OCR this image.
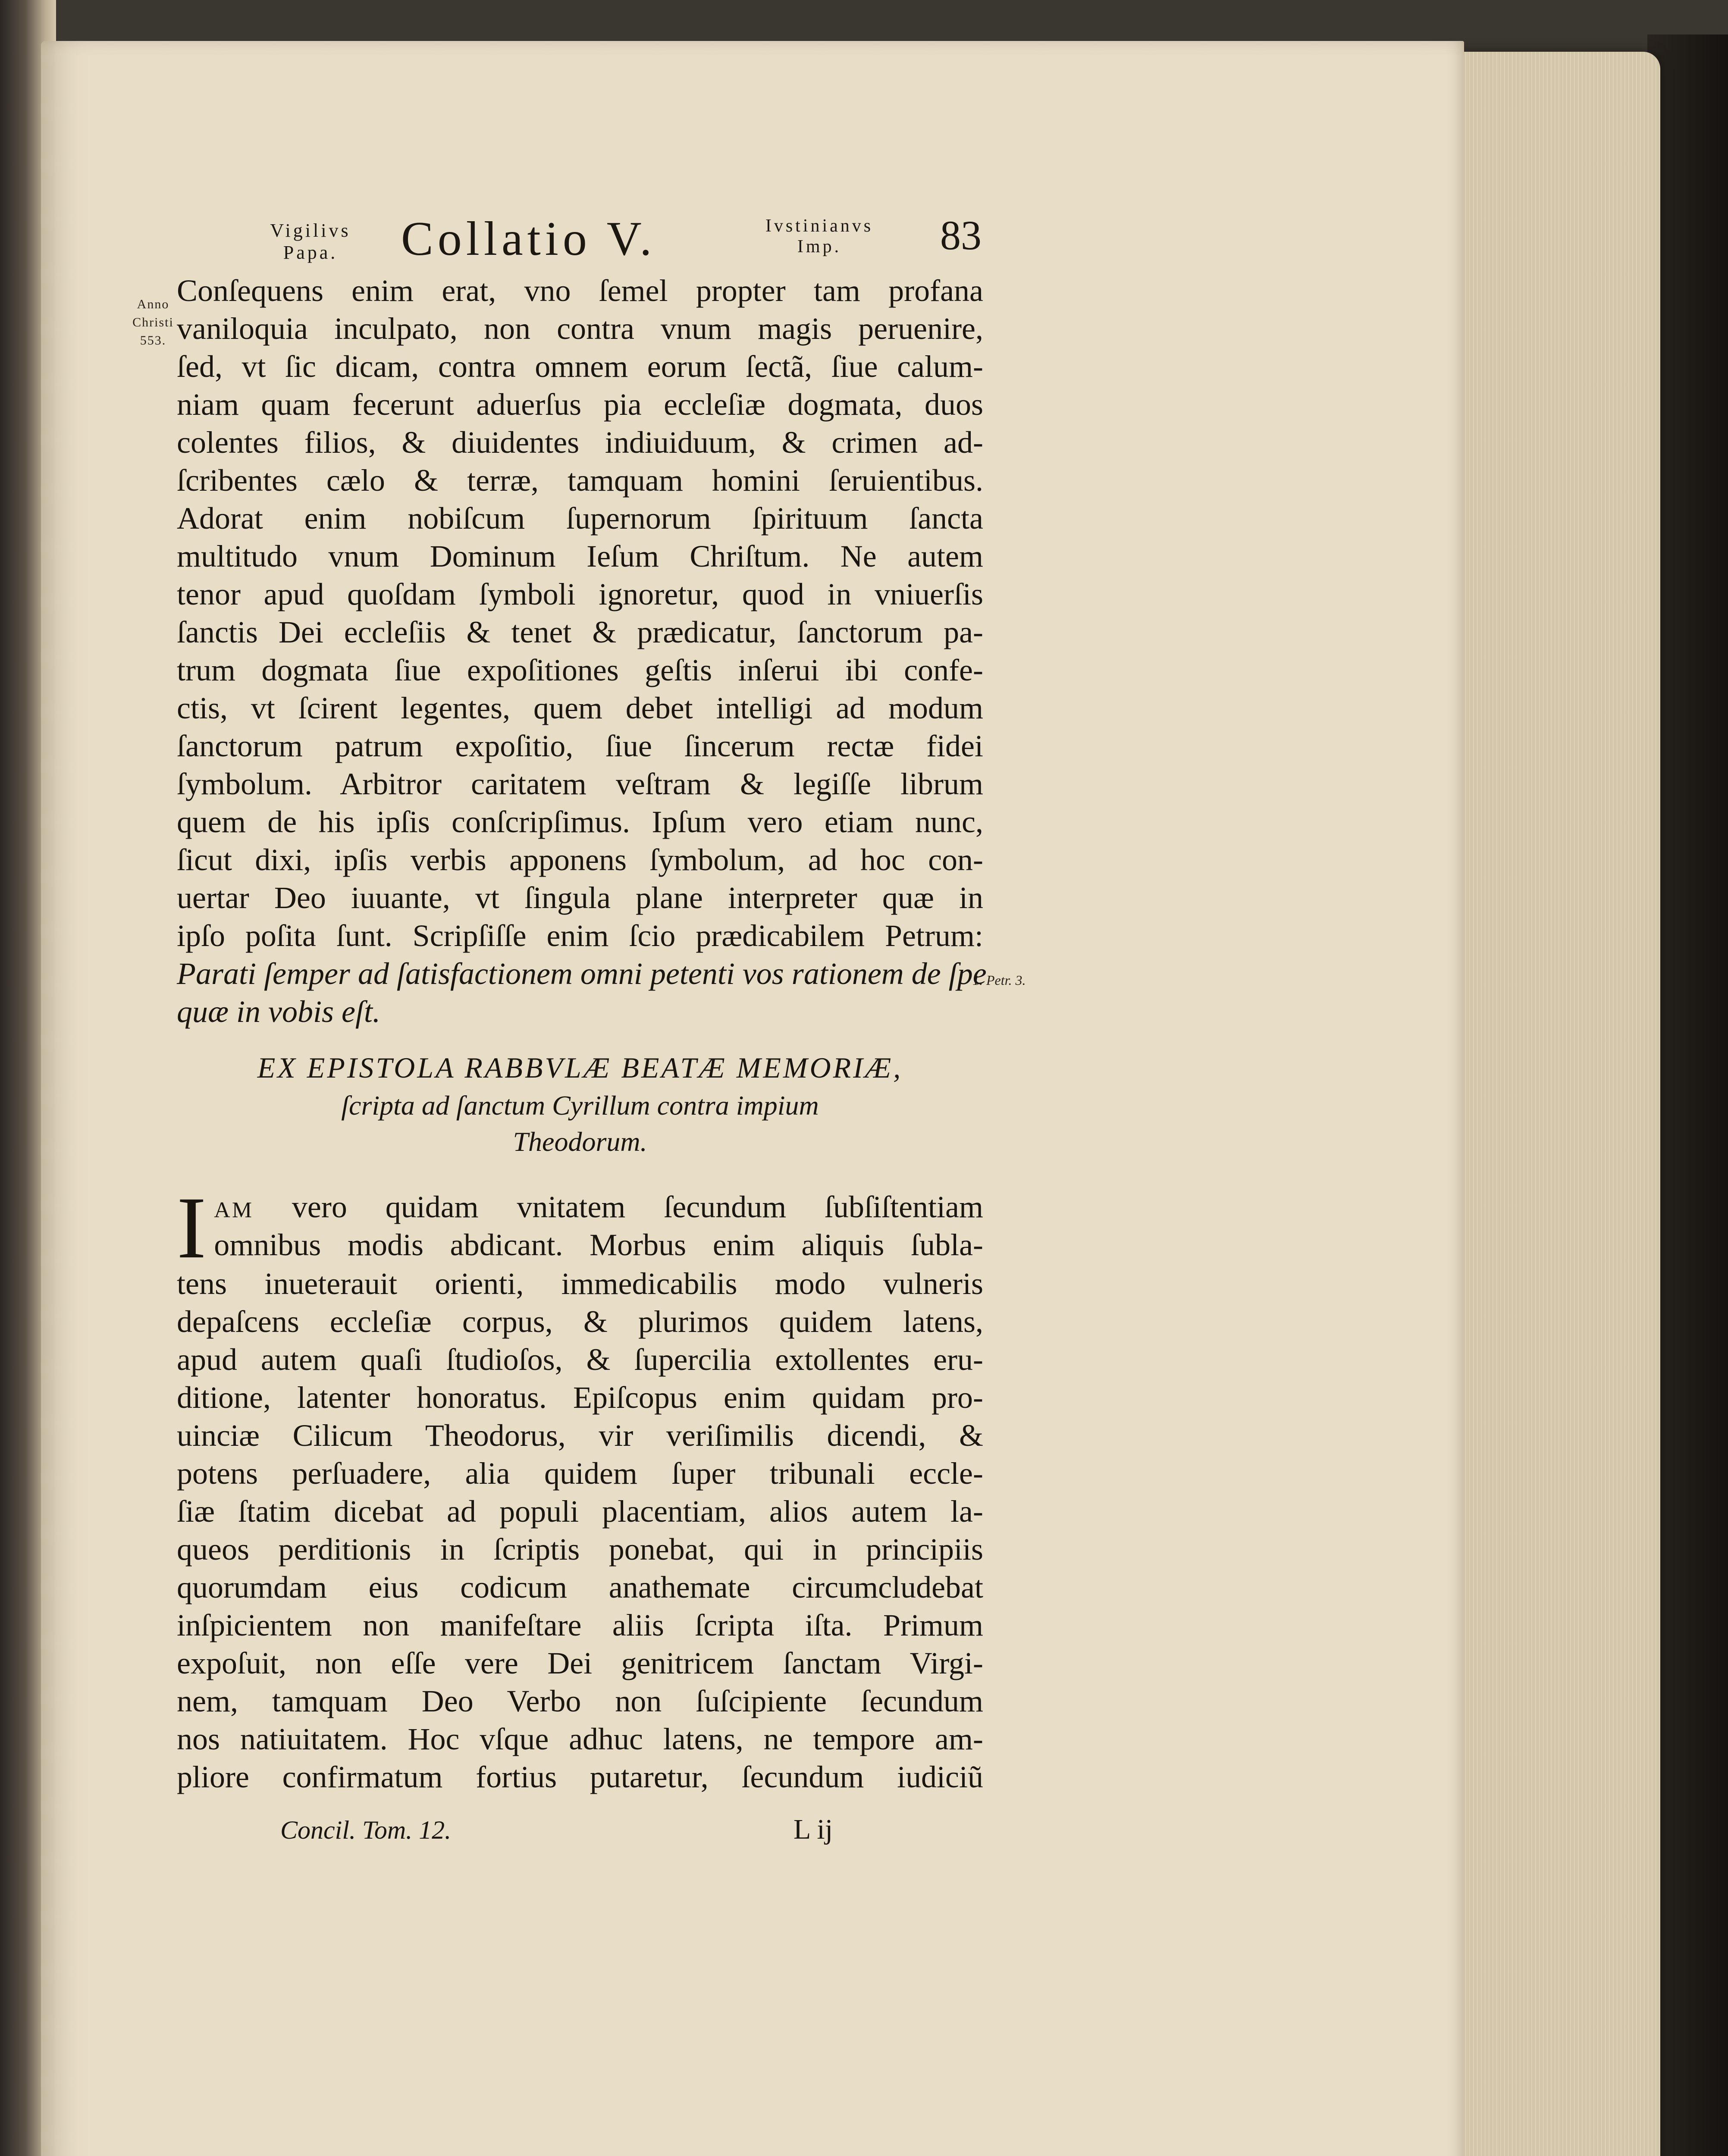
Vigilivs
Papa.	Collatio V.	Ivstinianvs
Imp.	83
Anno
Christi
553.
1. Petr. 3.
Conſequens enim erat, vno ſemel propter tam profana
vaniloquia inculpato, non contra vnum magis peruenire,
ſed, vt ſic dicam, contra omnem eorum ſectã, ſiue calum-
niam quam fecerunt aduerſus pia eccleſiæ dogmata, duos
colentes filios, & diuidentes indiuiduum, & crimen ad-
ſcribentes cælo & terræ, tamquam homini ſeruientibus.
Adorat enim nobiſcum ſupernorum ſpirituum ſancta
multitudo vnum Dominum Ieſum Chriſtum. Ne autem
tenor apud quoſdam ſymboli ignoretur, quod in vniuerſis
ſanctis Dei eccleſiis & tenet & prædicatur, ſanctorum pa-
trum dogmata ſiue expoſitiones geſtis inſerui ibi confe-
ctis, vt ſcirent legentes, quem debet intelligi ad modum
ſanctorum patrum expoſitio, ſiue ſincerum rectæ fidei
ſymbolum. Arbitror caritatem veſtram & legiſſe librum
quem de his ipſis conſcripſimus. Ipſum vero etiam nunc,
ſicut dixi, ipſis verbis apponens ſymbolum, ad hoc con-
uertar Deo iuuante, vt ſingula plane interpreter quæ in
ipſo poſita ſunt. Scripſiſſe enim ſcio prædicabilem Petrum:
Parati ſemper ad ſatisfactionem omni petenti vos rationem de ſpe
quæ in vobis eſt.
EX EPISTOLA RABBVLÆ BEATÆ MEMORIÆ,
ſcripta ad ſanctum Cyrillum contra impium
Theodorum.
I AM vero quidam vnitatem ſecundum ſubſiſtentiam
omnibus modis abdicant. Morbus enim aliquis ſubla-
tens inueterauit orienti, immedicabilis modo vulneris
depaſcens eccleſiæ corpus, & plurimos quidem latens,
apud autem quaſi ſtudioſos, & ſupercilia extollentes eru-
ditione, latenter honoratus. Epiſcopus enim quidam pro-
uinciæ Cilicum Theodorus, vir veriſimilis dicendi, &
potens perſuadere, alia quidem ſuper tribunali eccle-
ſiæ ſtatim dicebat ad populi placentiam, alios autem la-
queos perditionis in ſcriptis ponebat, qui in principiis
quorumdam eius codicum anathemate circumcludebat
inſpicientem non manifeſtare aliis ſcripta iſta. Primum
expoſuit, non eſſe vere Dei genitricem ſanctam Virgi-
nem, tamquam Deo Verbo non ſuſcipiente ſecundum
nos natiuitatem. Hoc vſque adhuc latens, ne tempore am-
pliore confirmatum fortius putaretur, ſecundum iudiciũ
Concil. Tom. 12.	L ij
